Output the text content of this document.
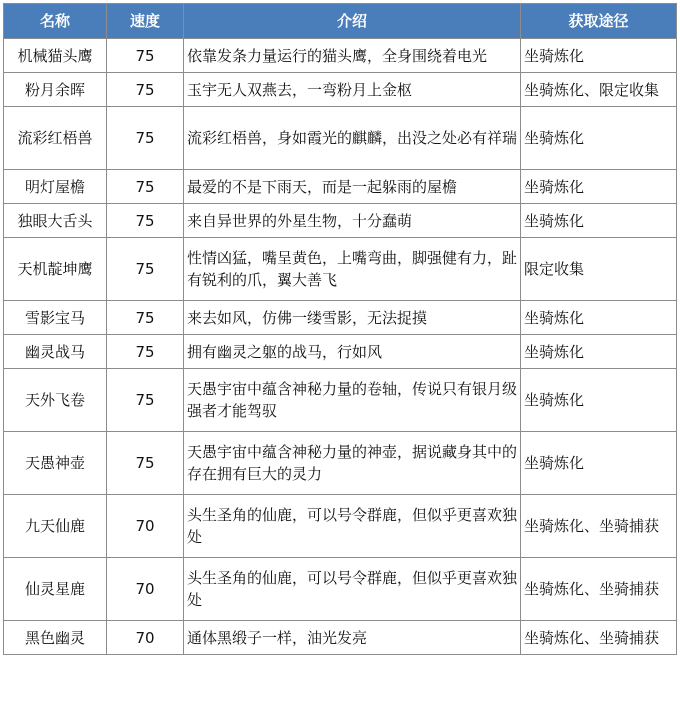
名称	速度	介绍	获取途径
机械猫头鹰	75	依靠发条力量运行的猫头鹰，全身围绕着电光	坐骑炼化
粉月余晖	75	玉宇无人双燕去，一弯粉月上金枢	坐骑炼化、限定收集
流彩红梧兽	75	流彩红梧兽，身如霞光的麒麟，出没之处必有祥瑞	坐骑炼化
明灯屋檐	75	最爱的不是下雨天，而是一起躲雨的屋檐	坐骑炼化
独眼大舌头	75	来自异世界的外星生物，十分蠢萌	坐骑炼化
天机靛坤鹰	75	性情凶猛，嘴呈黄色，上嘴弯曲，脚强健有力，趾有锐利的爪，翼大善飞	限定收集
雪影宝马	75	来去如风，仿佛一缕雪影，无法捉摸	坐骑炼化
幽灵战马	75	拥有幽灵之躯的战马，行如风	坐骑炼化
天外飞卷	75	天愚宇宙中蕴含神秘力量的卷轴，传说只有银月级强者才能驾驭	坐骑炼化
天愚神壶	75	天愚宇宙中蕴含神秘力量的神壶，据说藏身其中的存在拥有巨大的灵力	坐骑炼化
九天仙鹿	70	头生圣角的仙鹿，可以号令群鹿，但似乎更喜欢独处	坐骑炼化、坐骑捕获
仙灵星鹿	70	头生圣角的仙鹿，可以号令群鹿，但似乎更喜欢独处	坐骑炼化、坐骑捕获
黑色幽灵	70	通体黑缎子一样，油光发亮	坐骑炼化、坐骑捕获
